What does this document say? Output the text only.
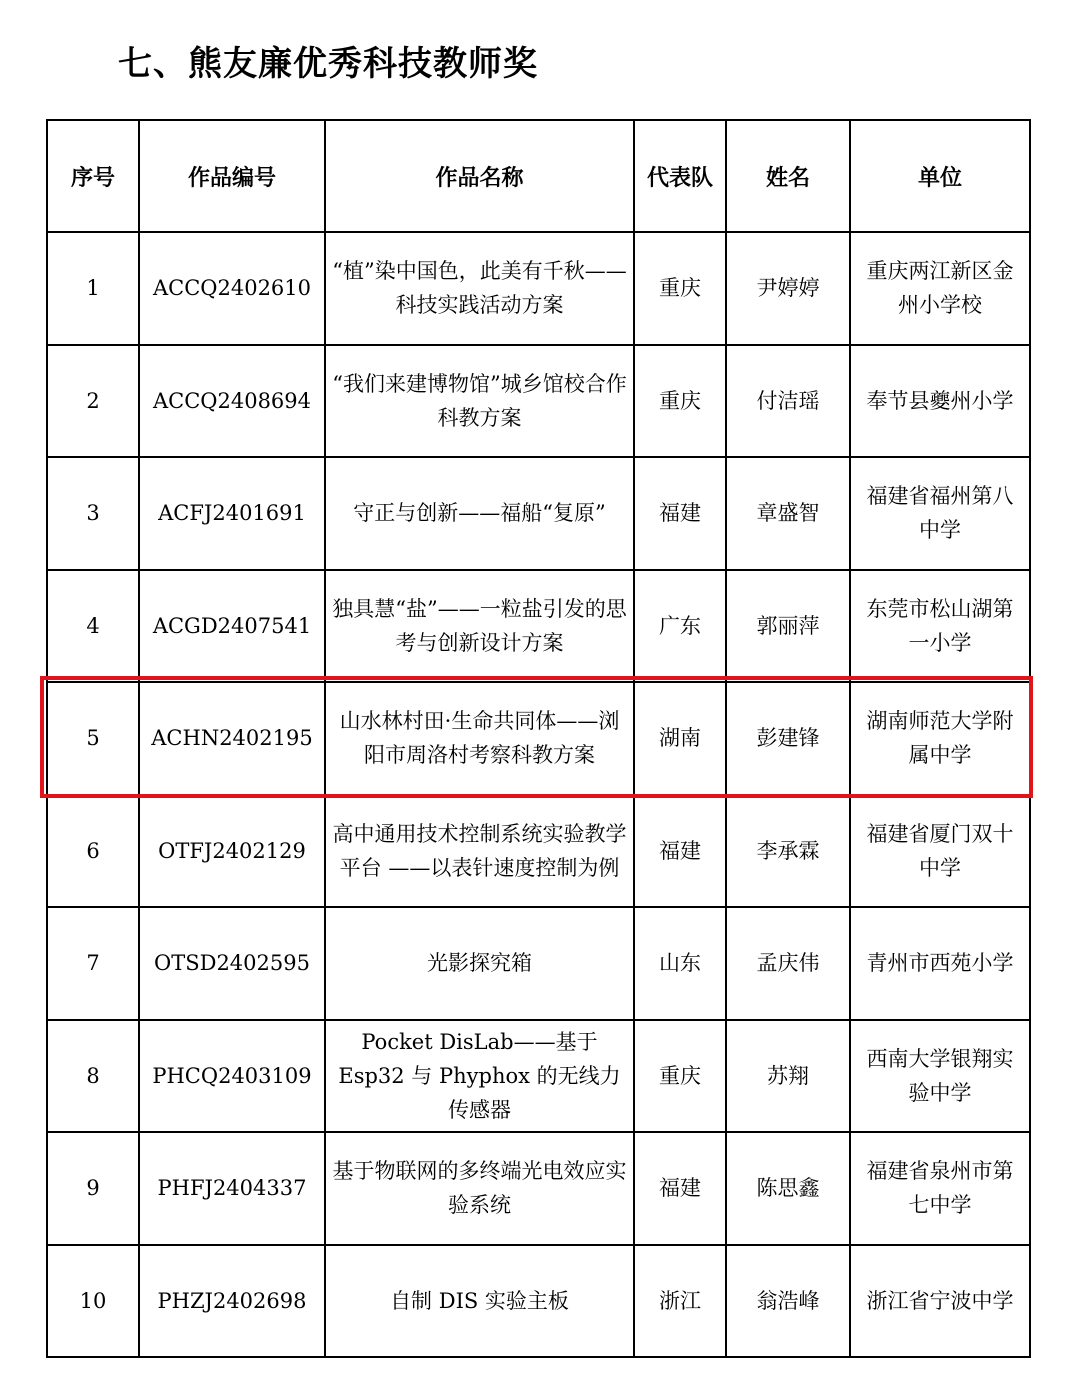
七、熊友廉优秀科技教师奖
序号	作品编号	作品名称	代表队	姓名	单位
1	ACCQ2402610	“植”染中国色，此美有千秋——科技实践活动方案	重庆	尹婷婷	重庆两江新区金州小学校
2	ACCQ2408694	“我们来建博物馆”城乡馆校合作科教方案	重庆	付洁瑶	奉节县夔州小学
3	ACFJ2401691	守正与创新——福船“复原”	福建	章盛智	福建省福州第八中学
4	ACGD2407541	独具慧“盐”——一粒盐引发的思考与创新设计方案	广东	郭丽萍	东莞市松山湖第一小学
5	ACHN2402195	山水林村田·生命共同体——浏阳市周洛村考察科教方案	湖南	彭建锋	湖南师范大学附属中学
6	OTFJ2402129	高中通用技术控制系统实验教学平台 ——以表针速度控制为例	福建	李承霖	福建省厦门双十中学
7	OTSD2402595	光影探究箱	山东	孟庆伟	青州市西苑小学
8	PHCQ2403109	Pocket DisLab——基于Esp32 与 Phyphox 的无线力传感器	重庆	苏翔	西南大学银翔实验中学
9	PHFJ2404337	基于物联网的多终端光电效应实验系统	福建	陈思鑫	福建省泉州市第七中学
10	PHZJ2402698	自制 DIS 实验主板	浙江	翁浩峰	浙江省宁波中学
